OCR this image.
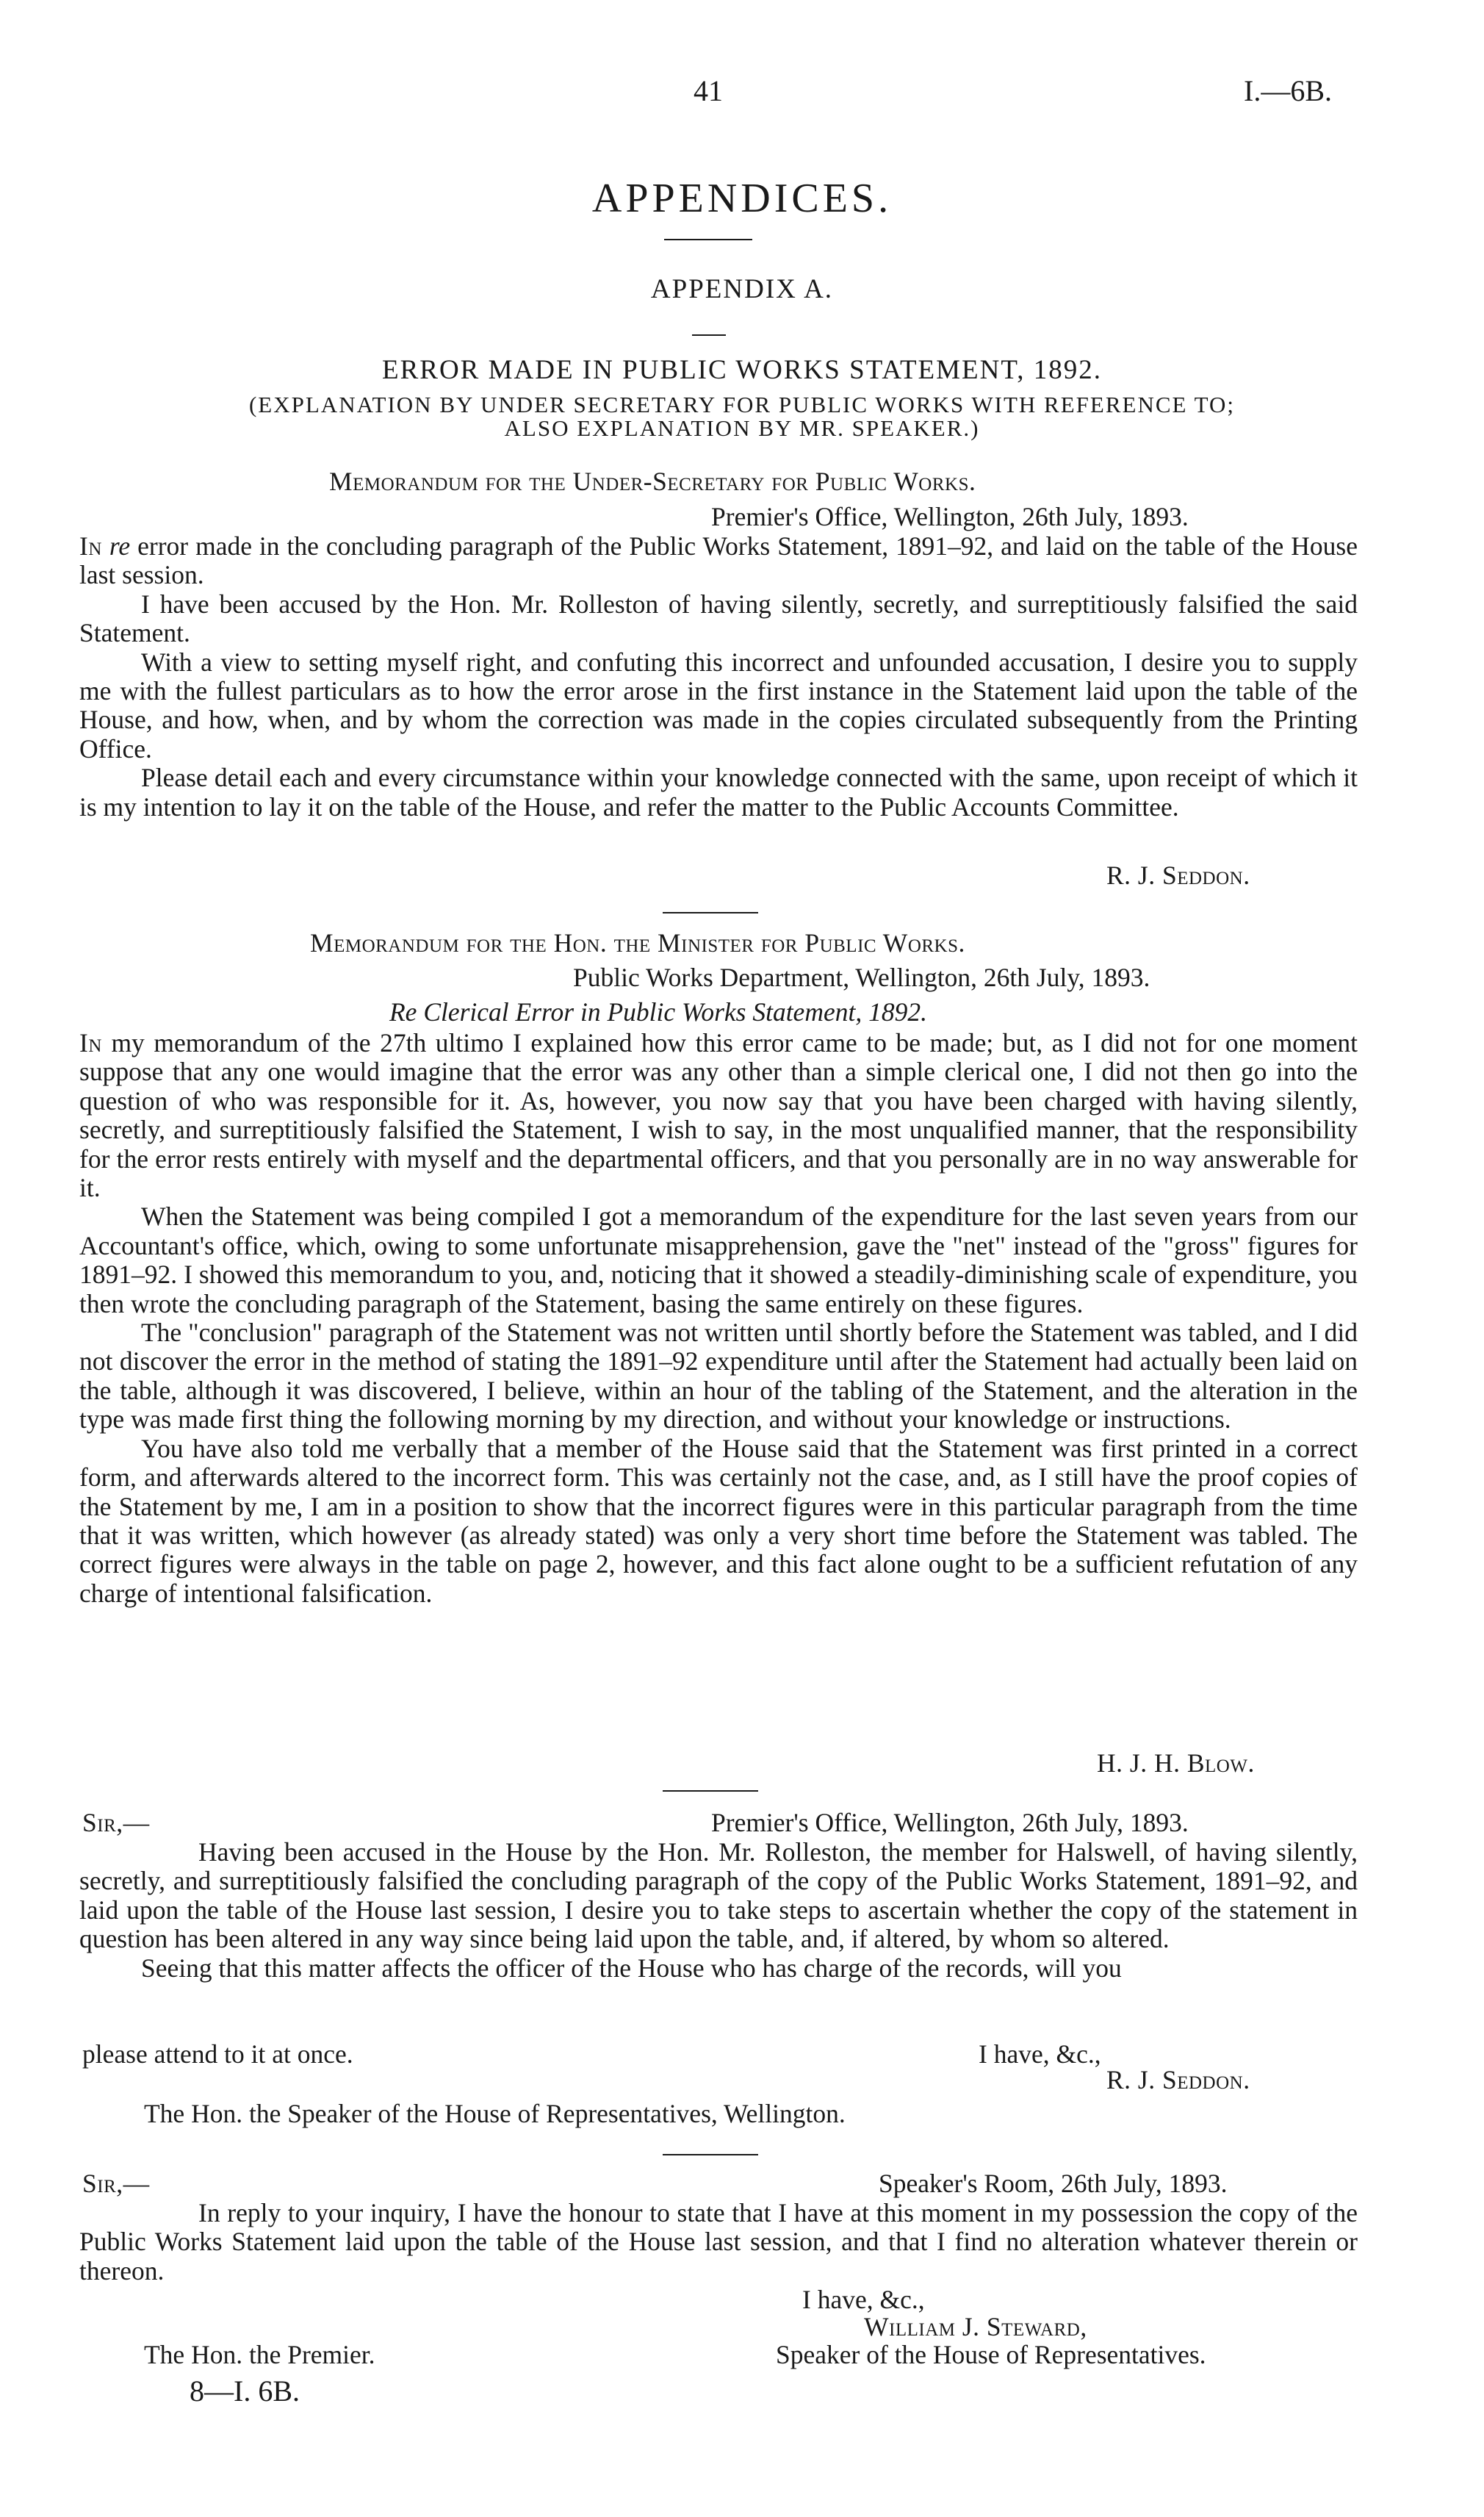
41	I.—6B.
APPENDICES.
APPENDIX A.
ERROR MADE IN PUBLIC WORKS STATEMENT, 1892.
(EXPLANATION BY UNDER SECRETARY FOR PUBLIC WORKS WITH REFERENCE TO;
ALSO EXPLANATION BY MR. SPEAKER.)
Memorandum for the Under-Secretary for Public Works.
Premier's Office, Wellington, 26th July, 1893.

In re error made in the concluding paragraph of the Public Works Statement, 1891–92, and laid on the table of the House last session.

I have been accused by the Hon. Mr. Rolleston of having silently, secretly, and surreptitiously falsified the said Statement.

With a view to setting myself right, and confuting this incorrect and unfounded accusation, I desire you to supply me with the fullest particulars as to how the error arose in the first instance in the Statement laid upon the table of the House, and how, when, and by whom the correction was made in the copies circulated subsequently from the Printing Office.

Please detail each and every circumstance within your knowledge connected with the same, upon receipt of which it is my intention to lay it on the table of the House, and refer the matter to the Public Accounts Committee.

R. J. Seddon.
Memorandum for the Hon. the Minister for Public Works.
Public Works Department, Wellington, 26th July, 1893.
Re Clerical Error in Public Works Statement, 1892.

In my memorandum of the 27th ultimo I explained how this error came to be made; but, as I did not for one moment suppose that any one would imagine that the error was any other than a simple clerical one, I did not then go into the question of who was responsible for it. As, however, you now say that you have been charged with having silently, secretly, and surreptitiously falsified the Statement, I wish to say, in the most unqualified manner, that the responsibility for the error rests entirely with myself and the departmental officers, and that you personally are in no way answerable for it.

When the Statement was being compiled I got a memorandum of the expenditure for the last seven years from our Accountant's office, which, owing to some unfortunate misapprehension, gave the "net" instead of the "gross" figures for 1891–92. I showed this memorandum to you, and, noticing that it showed a steadily-diminishing scale of expenditure, you then wrote the concluding paragraph of the Statement, basing the same entirely on these figures.

The "conclusion" paragraph of the Statement was not written until shortly before the Statement was tabled, and I did not discover the error in the method of stating the 1891–92 expenditure until after the Statement had actually been laid on the table, although it was discovered, I believe, within an hour of the tabling of the Statement, and the alteration in the type was made first thing the following morning by my direction, and without your knowledge or instructions.

You have also told me verbally that a member of the House said that the Statement was first printed in a correct form, and afterwards altered to the incorrect form. This was certainly not the case, and, as I still have the proof copies of the Statement by me, I am in a position to show that the incorrect figures were in this particular paragraph from the time that it was written, which however (as already stated) was only a very short time before the Statement was tabled. The correct figures were always in the table on page 2, however, and this fact alone ought to be a sufficient refutation of any charge of intentional falsification.

H. J. H. Blow.
Sir,—	Premier's Office, Wellington, 26th July, 1893.

Having been accused in the House by the Hon. Mr. Rolleston, the member for Halswell, of having silently, secretly, and surreptitiously falsified the concluding paragraph of the copy of the Public Works Statement, 1891–92, and laid upon the table of the House last session, I desire you to take steps to ascertain whether the copy of the statement in question has been altered in any way since being laid upon the table, and, if altered, by whom so altered.

Seeing that this matter affects the officer of the House who has charge of the records, will you

please attend to it at once.	I have, &c.,
R. J. Seddon.
The Hon. the Speaker of the House of Representatives, Wellington.
Sir,—	Speaker's Room, 26th July, 1893.

In reply to your inquiry, I have the honour to state that I have at this moment in my possession the copy of the Public Works Statement laid upon the table of the House last session, and that I find no alteration whatever therein or thereon.

I have, &c.,
William J. Steward,
The Hon. the Premier.	Speaker of the House of Representatives.
8—I. 6B.
